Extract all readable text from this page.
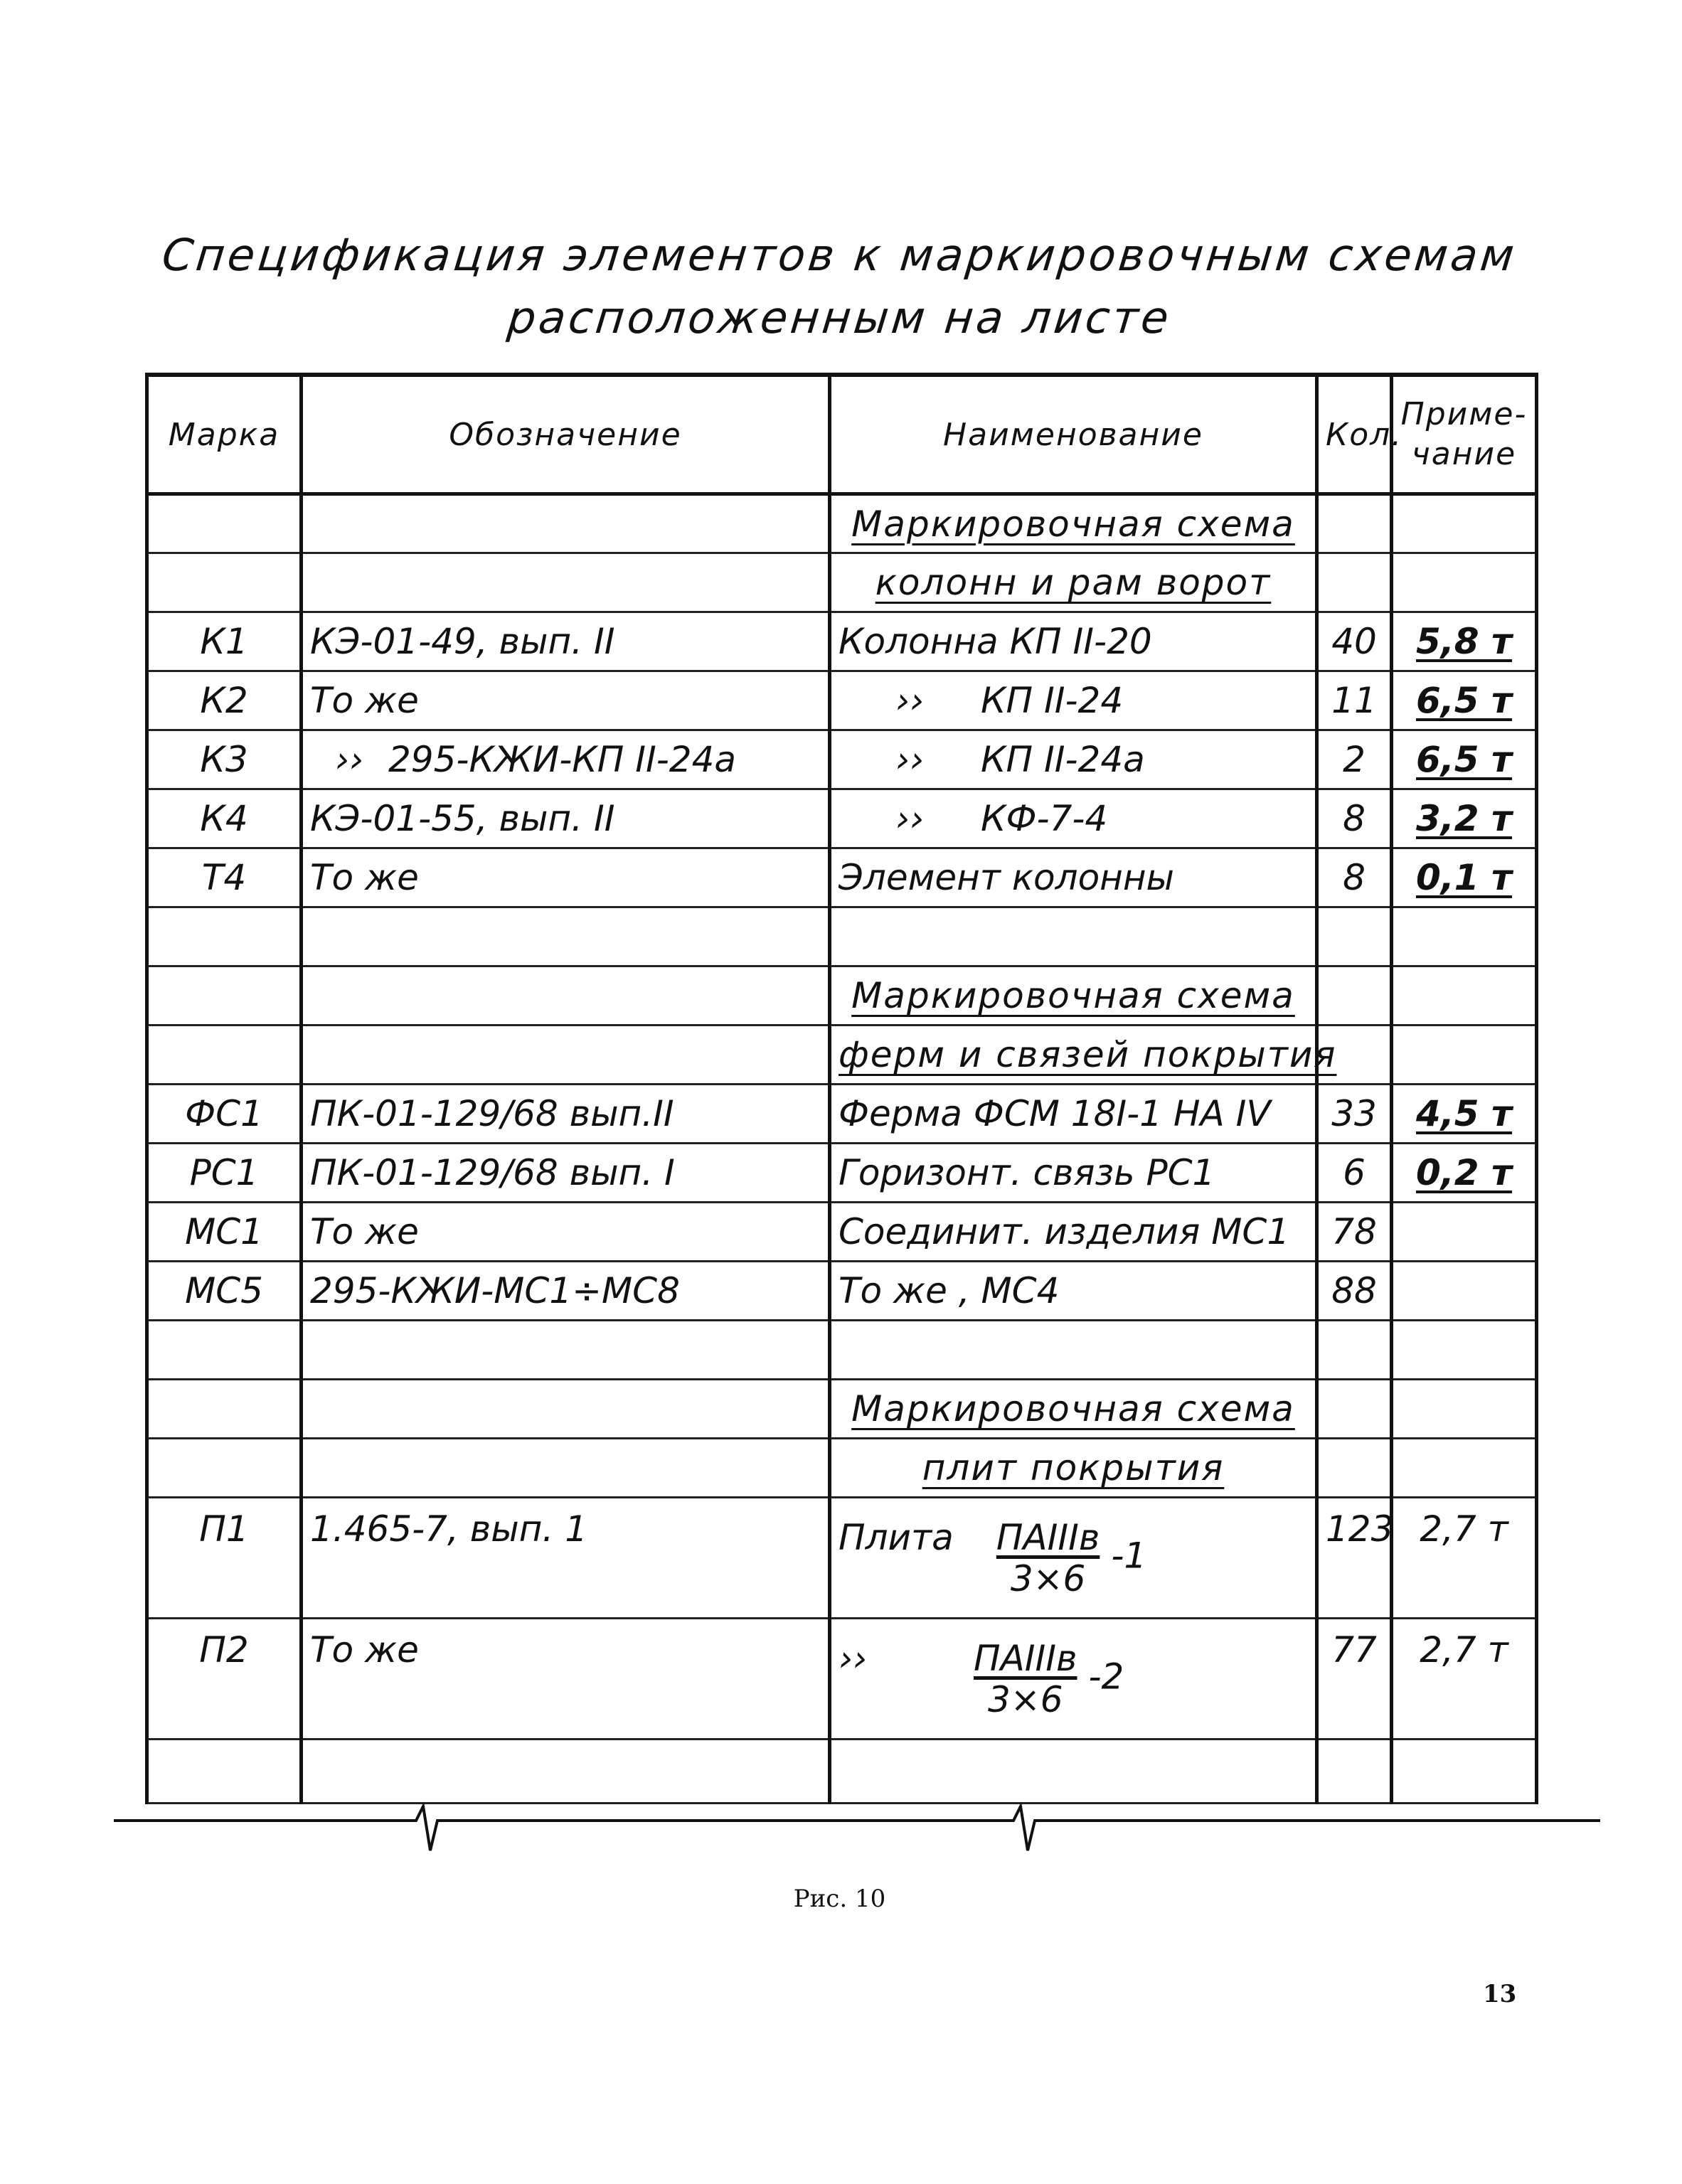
Спецификация элементов к маркировочным схемам
расположенным на листе
Марка	Обозначение	Наименование	Кол.	Приме-
чание

		Маркировочная схема		
		колонн и рам ворот		
К1	КЭ-01-49, вып. II	Колонна КП II-20	40	5,8 т
К2	То же	›› КП II-24	11	6,5 т
К3	›› 295-КЖИ-КП II-24а	›› КП II-24а	2	6,5 т
К4	КЭ-01-55, вып. II	›› КФ-7-4	8	3,2 т
Т4	То же	Элемент колонны	8	0,1 т

		Маркировочная схема		
		ферм и связей покрытия		
ФС1	ПК-01-129/68 вып.II	Ферма ФСМ 18I-1 НА IV	33	4,5 т
РС1	ПК-01-129/68 вып. I	Горизонт. связь РС1	6	0,2 т
МС1	То же	Соединит. изделия МС1	78	
МС5	295-КЖИ-МС1÷МС8	То же , МС4	88	

		Маркировочная схема		
		плит покрытия		
П1	1.465-7, вып. 1	Плита $\frac{\text{ПАIIIв}}{3\times 6} -1$	123	2,7 т
П2	То же	›› $\frac{\text{ПАIIIв}}{3\times 6} -2$	77	2,7 т

Рис. 10
13
